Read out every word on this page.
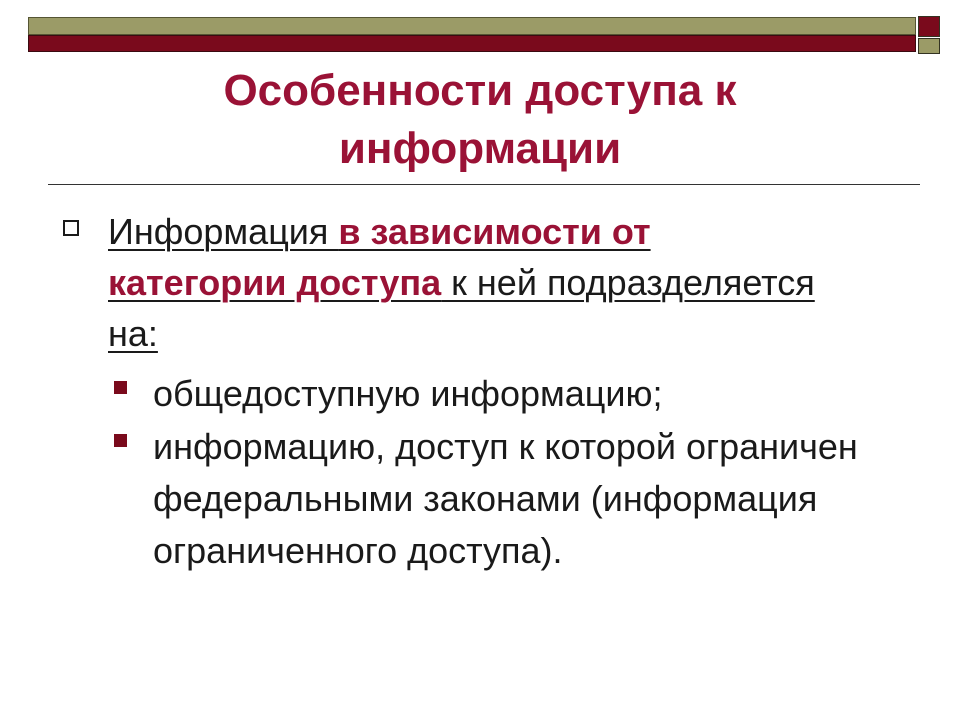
Особенности доступа к
информации
Информация в зависимости от категории доступа к ней подразделяется на:
общедоступную информацию;
информацию, доступ к которой ограничен федеральными законами (информация ограниченного доступа).
